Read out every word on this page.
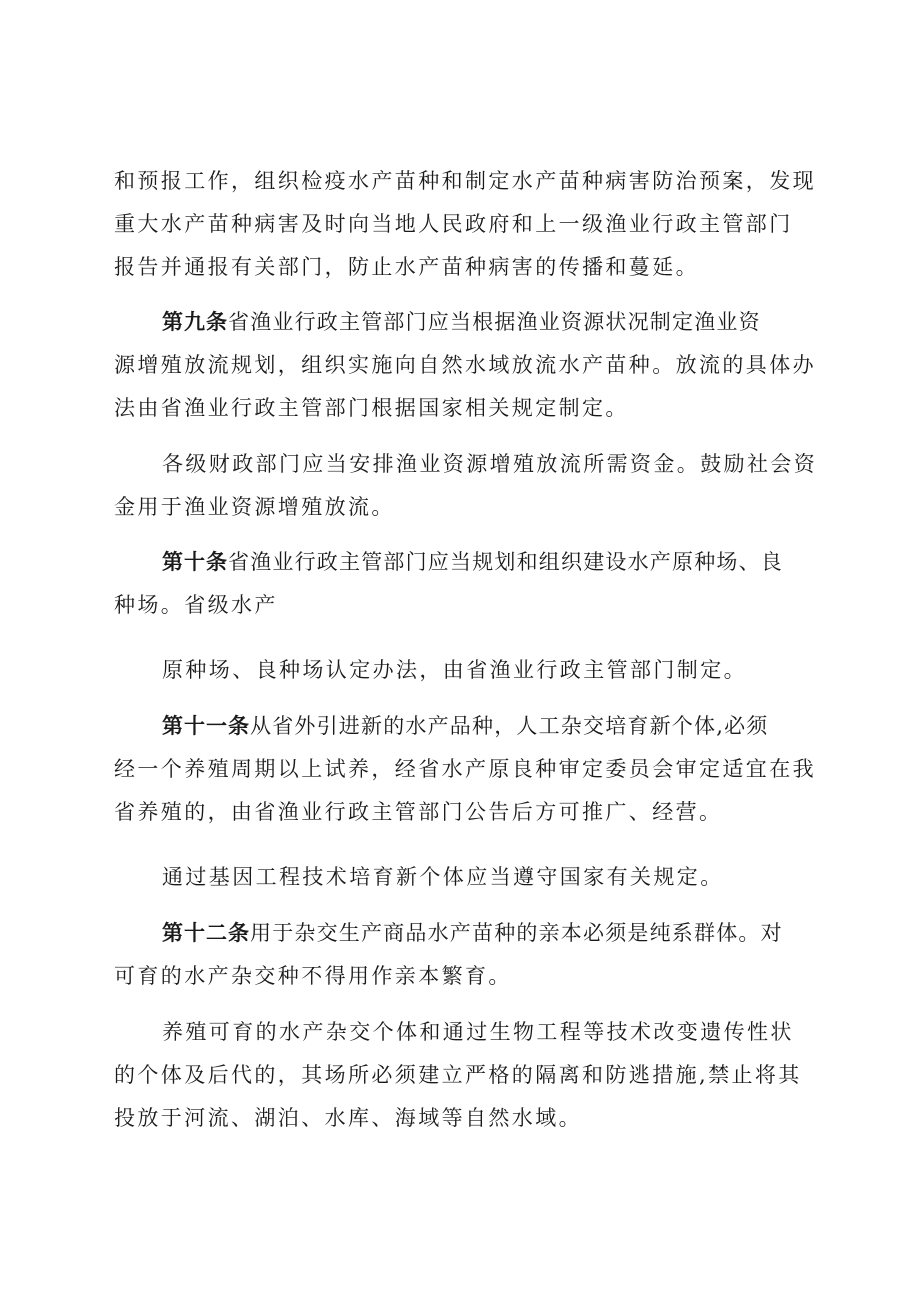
和预报工作，组织检疫水产苗种和制定水产苗种病害防治预案，发现
重大水产苗种病害及时向当地人民政府和上一级渔业行政主管部门
报告并通报有关部门，防止水产苗种病害的传播和蔓延。
第九条省渔业行政主管部门应当根据渔业资源状况制定渔业资
源增殖放流规划，组织实施向自然水域放流水产苗种。放流的具体办
法由省渔业行政主管部门根据国家相关规定制定。
各级财政部门应当安排渔业资源增殖放流所需资金。鼓励社会资
金用于渔业资源增殖放流。
第十条省渔业行政主管部门应当规划和组织建设水产原种场、良
种场。省级水产
原种场、良种场认定办法，由省渔业行政主管部门制定。
第十一条从省外引进新的水产品种，人工杂交培育新个体,必须
经一个养殖周期以上试养，经省水产原良种审定委员会审定适宜在我
省养殖的，由省渔业行政主管部门公告后方可推广、经营。
通过基因工程技术培育新个体应当遵守国家有关规定。
第十二条用于杂交生产商品水产苗种的亲本必须是纯系群体。对
可育的水产杂交种不得用作亲本繁育。
养殖可育的水产杂交个体和通过生物工程等技术改变遗传性状
的个体及后代的，其场所必须建立严格的隔离和防逃措施,禁止将其
投放于河流、湖泊、水库、海域等自然水域。
